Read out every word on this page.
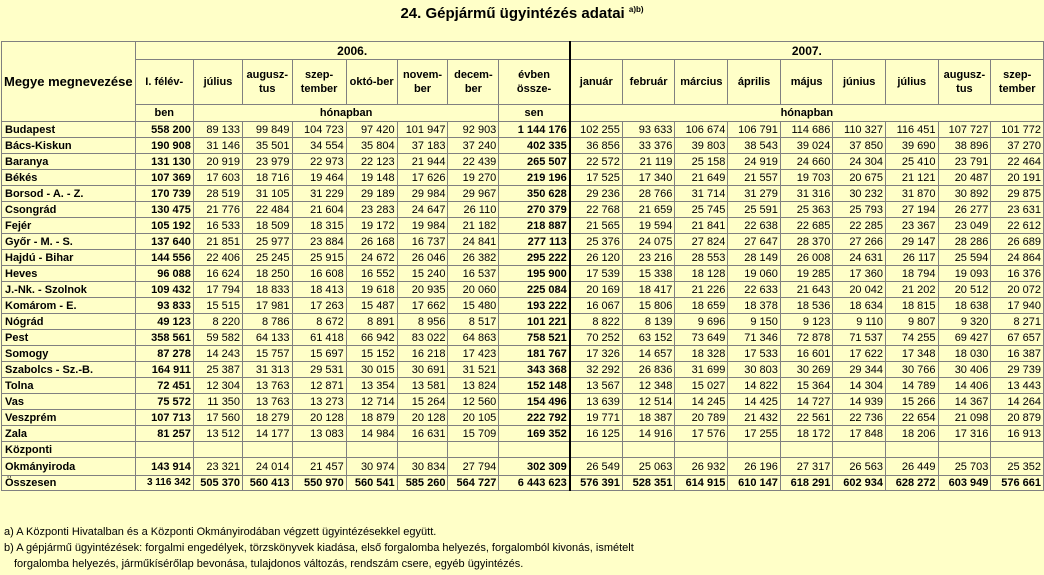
24. Gépjármű ügyintézés adatai $^{a)b)}$
Megye megnevezése	2006.								2007.								
	I. félév-	július	augusz-tus	szep-tember	októ-ber	novem-ber	decem-ber	évben össze-	január	február	március	április	május	június	július	augusz-tus	szep-tember
	ben	hónapban						sen	hónapban								
Budapest	558 200	89 133	99 849	104 723	97 420	101 947	92 903	1 144 176	102 255	93 633	106 674	106 791	114 686	110 327	116 451	107 727	101 772
Bács-Kiskun	190 908	31 146	35 501	34 554	35 804	37 183	37 240	402 335	36 856	33 376	39 803	38 543	39 024	37 850	39 690	38 896	37 270
Baranya	131 130	20 919	23 979	22 973	22 123	21 944	22 439	265 507	22 572	21 119	25 158	24 919	24 660	24 304	25 410	23 791	22 464
Békés	107 369	17 603	18 716	19 464	19 148	17 626	19 270	219 196	17 525	17 340	21 649	21 557	19 703	20 675	21 121	20 487	20 191
Borsod - A. - Z.	170 739	28 519	31 105	31 229	29 189	29 984	29 967	350 628	29 236	28 766	31 714	31 279	31 316	30 232	31 870	30 892	29 875
Csongrád	130 475	21 776	22 484	21 604	23 283	24 647	26 110	270 379	22 768	21 659	25 745	25 591	25 363	25 793	27 194	26 277	23 631
Fejér	105 192	16 533	18 509	18 315	19 172	19 984	21 182	218 887	21 565	19 594	21 841	22 638	22 685	22 285	23 367	23 049	22 612
Győr - M. - S.	137 640	21 851	25 977	23 884	26 168	16 737	24 841	277 113	25 376	24 075	27 824	27 647	28 370	27 266	29 147	28 286	26 689
Hajdú - Bihar	144 556	22 406	25 245	25 915	24 672	26 046	26 382	295 222	26 120	23 216	28 553	28 149	26 008	24 631	26 117	25 594	24 864
Heves	96 088	16 624	18 250	16 608	16 552	15 240	16 537	195 900	17 539	15 338	18 128	19 060	19 285	17 360	18 794	19 093	16 376
J.-Nk. - Szolnok	109 432	17 794	18 833	18 413	19 618	20 935	20 060	225 084	20 169	18 417	21 226	22 633	21 643	20 042	21 202	20 512	20 072
Komárom - E.	93 833	15 515	17 981	17 263	15 487	17 662	15 480	193 222	16 067	15 806	18 659	18 378	18 536	18 634	18 815	18 638	17 940
Nógrád	49 123	8 220	8 786	8 672	8 891	8 956	8 517	101 221	8 822	8 139	9 696	9 150	9 123	9 110	9 807	9 320	8 271
Pest	358 561	59 582	64 133	61 418	66 942	83 022	64 863	758 521	70 252	63 152	73 649	71 346	72 878	71 537	74 255	69 427	67 657
Somogy	87 278	14 243	15 757	15 697	15 152	16 218	17 423	181 767	17 326	14 657	18 328	17 533	16 601	17 622	17 348	18 030	16 387
Szabolcs - Sz.-B.	164 911	25 387	31 313	29 531	30 015	30 691	31 521	343 368	32 292	26 836	31 699	30 803	30 269	29 344	30 766	30 406	29 739
Tolna	72 451	12 304	13 763	12 871	13 354	13 581	13 824	152 148	13 567	12 348	15 027	14 822	15 364	14 304	14 789	14 406	13 443
Vas	75 572	11 350	13 763	13 273	12 714	15 264	12 560	154 496	13 639	12 514	14 245	14 425	14 727	14 939	15 266	14 367	14 264
Veszprém	107 713	17 560	18 279	20 128	18 879	20 128	20 105	222 792	19 771	18 387	20 789	21 432	22 561	22 736	22 654	21 098	20 879
Zala	81 257	13 512	14 177	13 083	14 984	16 631	15 709	169 352	16 125	14 916	17 576	17 255	18 172	17 848	18 206	17 316	16 913
Központi																	
Okmányiroda	143 914	23 321	24 014	21 457	30 974	30 834	27 794	302 309	26 549	25 063	26 932	26 196	27 317	26 563	26 449	25 703	25 352
Összesen	3 116 342	505 370	560 413	550 970	560 541	585 260	564 727	6 443 623	576 391	528 351	614 915	610 147	618 291	602 934	628 272	603 949	576 661
a) A Központi Hivatalban és a Központi Okmányirodában végzett ügyintézésekkel együtt.
b) A gépjármű ügyintézések: forgalmi engedélyek, törzskönyvek kiadása, első forgalomba helyezés, forgalomból kivonás, ismételt
forgalomba helyezés, járműkísérőlap bevonása, tulajdonos változás, rendszám csere, egyéb ügyintézés.
